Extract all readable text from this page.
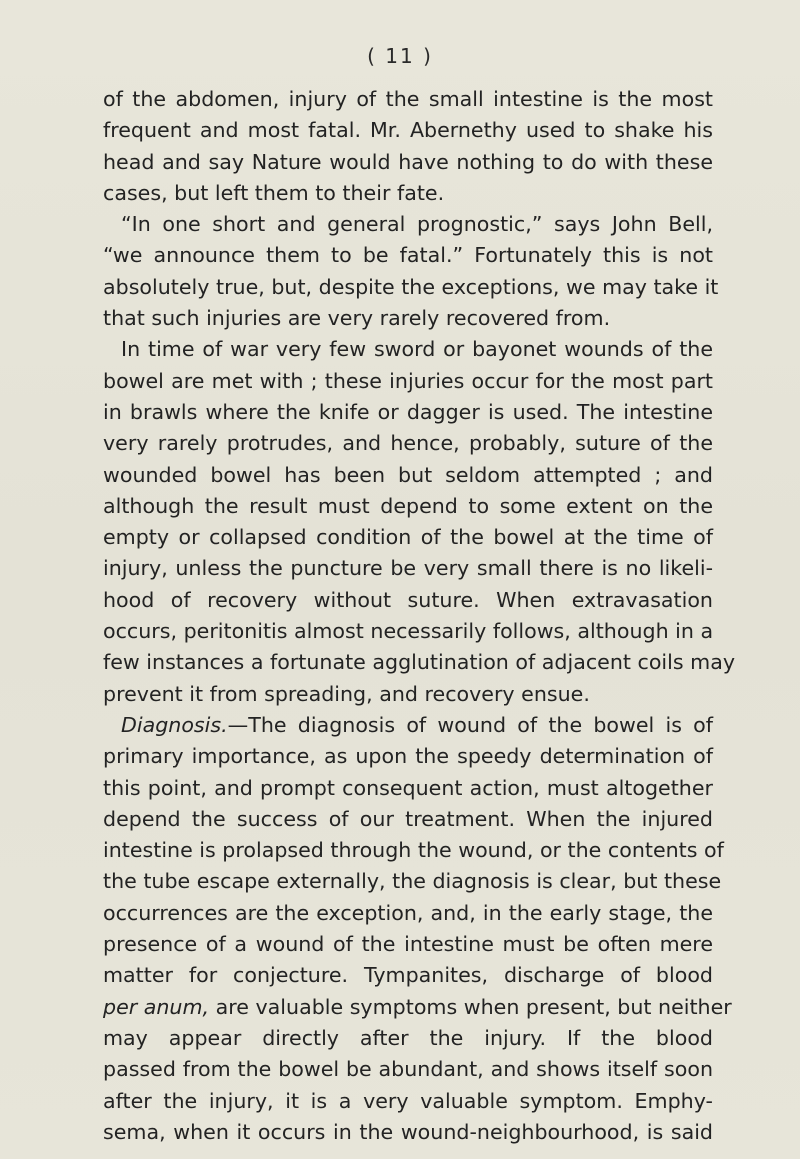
( 11 )
of the abdomen, injury of the small intestine is the most
frequent and most fatal. Mr. Abernethy used to shake his
head and say Nature would have nothing to do with these
cases, but left them to their fate.
“In one short and general prognostic,” says John Bell,
“we announce them to be fatal.” Fortunately this is not
absolutely true, but, despite the exceptions, we may take it
that such injuries are very rarely recovered from.
In time of war very few sword or bayonet wounds of the
bowel are met with ; these injuries occur for the most part
in brawls where the knife or dagger is used. The intestine
very rarely protrudes, and hence, probably, suture of the
wounded bowel has been but seldom attempted ; and
although the result must depend to some extent on the
empty or collapsed condition of the bowel at the time of
injury, unless the puncture be very small there is no likeli-
hood of recovery without suture. When extravasation
occurs, peritonitis almost necessarily follows, although in a
few instances a fortunate agglutination of adjacent coils may
prevent it from spreading, and recovery ensue.
Diagnosis.—The diagnosis of wound of the bowel is of
primary importance, as upon the speedy determination of
this point, and prompt consequent action, must altogether
depend the success of our treatment. When the injured
intestine is prolapsed through the wound, or the contents of
the tube escape externally, the diagnosis is clear, but these
occurrences are the exception, and, in the early stage, the
presence of a wound of the intestine must be often mere
matter for conjecture. Tympanites, discharge of blood
per anum, are valuable symptoms when present, but neither
may appear directly after the injury. If the blood
passed from the bowel be abundant, and shows itself soon
after the injury, it is a very valuable symptom. Emphy-
sema, when it occurs in the wound-neighbourhood, is said
